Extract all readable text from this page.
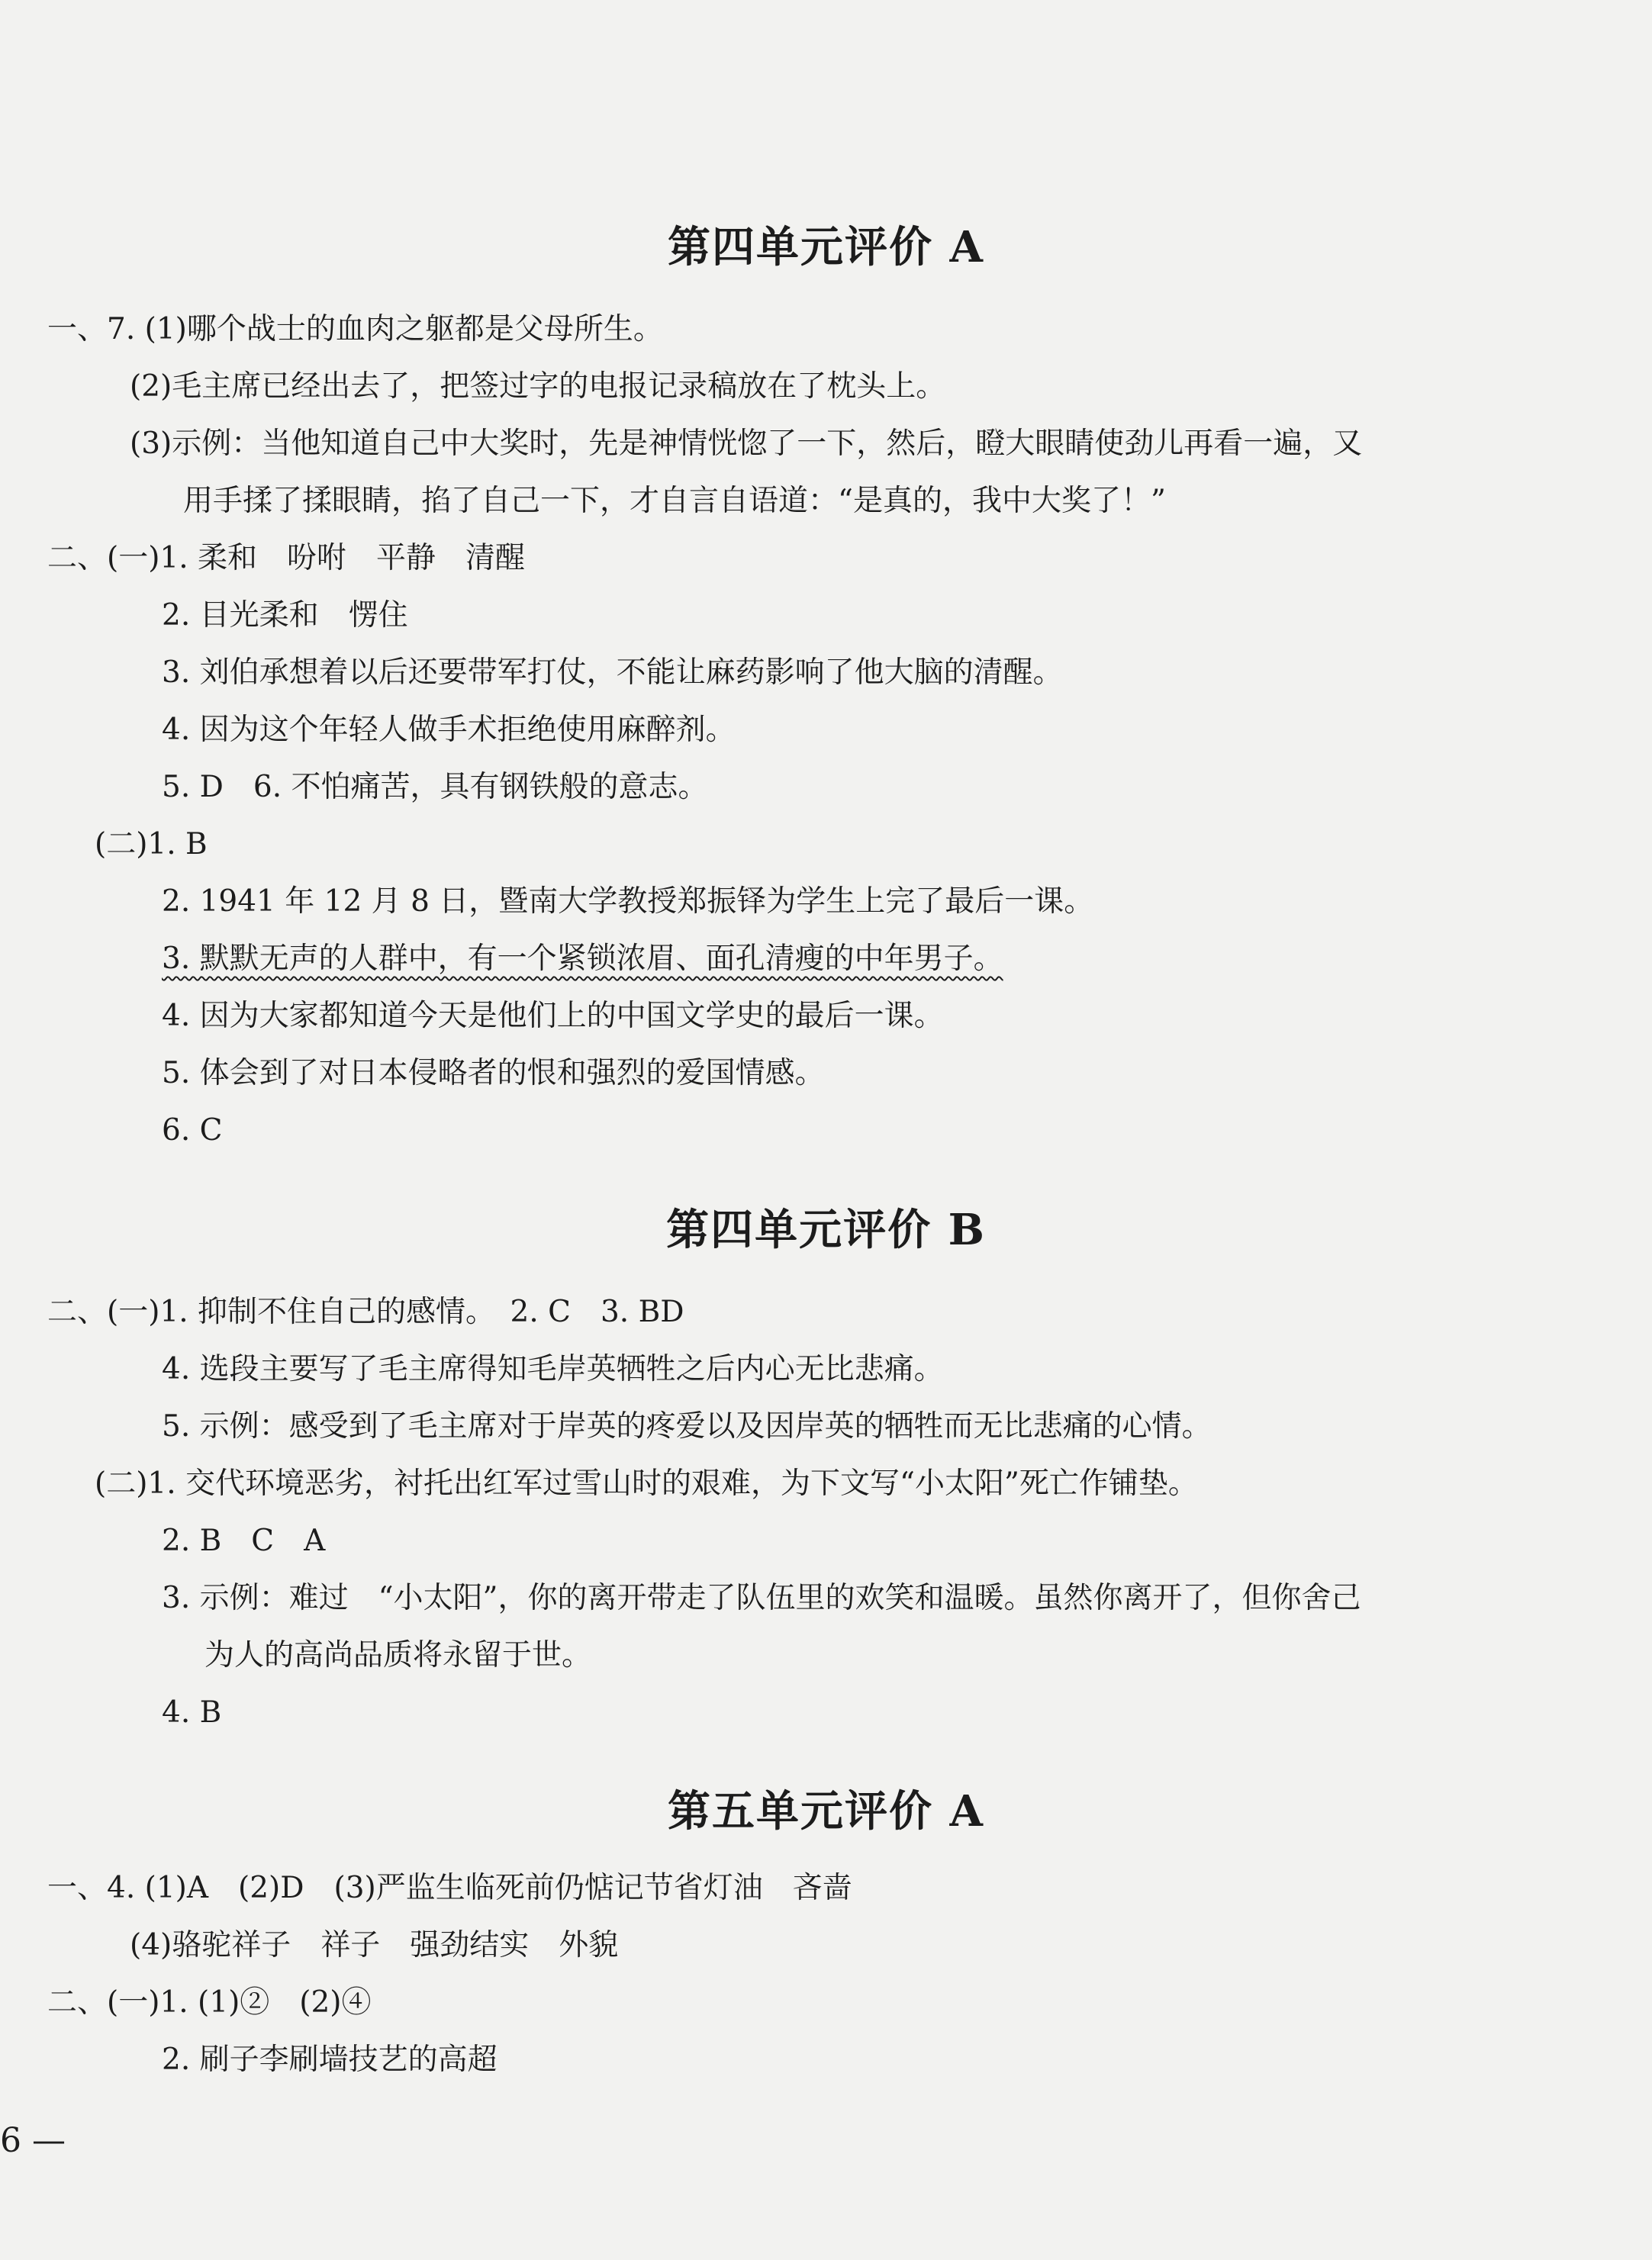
第四单元评价 A
一、7. (1)哪个战士的血肉之躯都是父母所生。
(2)毛主席已经出去了，把签过字的电报记录稿放在了枕头上。
(3)示例：当他知道自己中大奖时，先是神情恍惚了一下，然后，瞪大眼睛使劲儿再看一遍，又
用手揉了揉眼睛，掐了自己一下，才自言自语道：“是真的，我中大奖了！”
二、(一)1. 柔和　吩咐　平静　清醒
2. 目光柔和　愣住
3. 刘伯承想着以后还要带军打仗，不能让麻药影响了他大脑的清醒。
4. 因为这个年轻人做手术拒绝使用麻醉剂。
5. D　6. 不怕痛苦，具有钢铁般的意志。
(二)1. B
2. 1941 年 12 月 8 日，暨南大学教授郑振铎为学生上完了最后一课。
3. 默默无声的人群中，有一个紧锁浓眉、面孔清瘦的中年男子。
4. 因为大家都知道今天是他们上的中国文学史的最后一课。
5. 体会到了对日本侵略者的恨和强烈的爱国情感。
6. C
第四单元评价 B
二、(一)1. 抑制不住自己的感情。　2. C　3. BD
4. 选段主要写了毛主席得知毛岸英牺牲之后内心无比悲痛。
5. 示例：感受到了毛主席对于岸英的疼爱以及因岸英的牺牲而无比悲痛的心情。
(二)1. 交代环境恶劣，衬托出红军过雪山时的艰难，为下文写“小太阳”死亡作铺垫。
2. B　C　A
3. 示例：难过　“小太阳”，你的离开带走了队伍里的欢笑和温暖。虽然你离开了，但你舍己
为人的高尚品质将永留于世。
4. B
第五单元评价 A
一、4. (1)A　(2)D　(3)严监生临死前仍惦记节省灯油　吝啬
(4)骆驼祥子　祥子　强劲结实　外貌
二、(一)1. (1)②　(2)④
2. 刷子李刷墙技艺的高超
6 —
